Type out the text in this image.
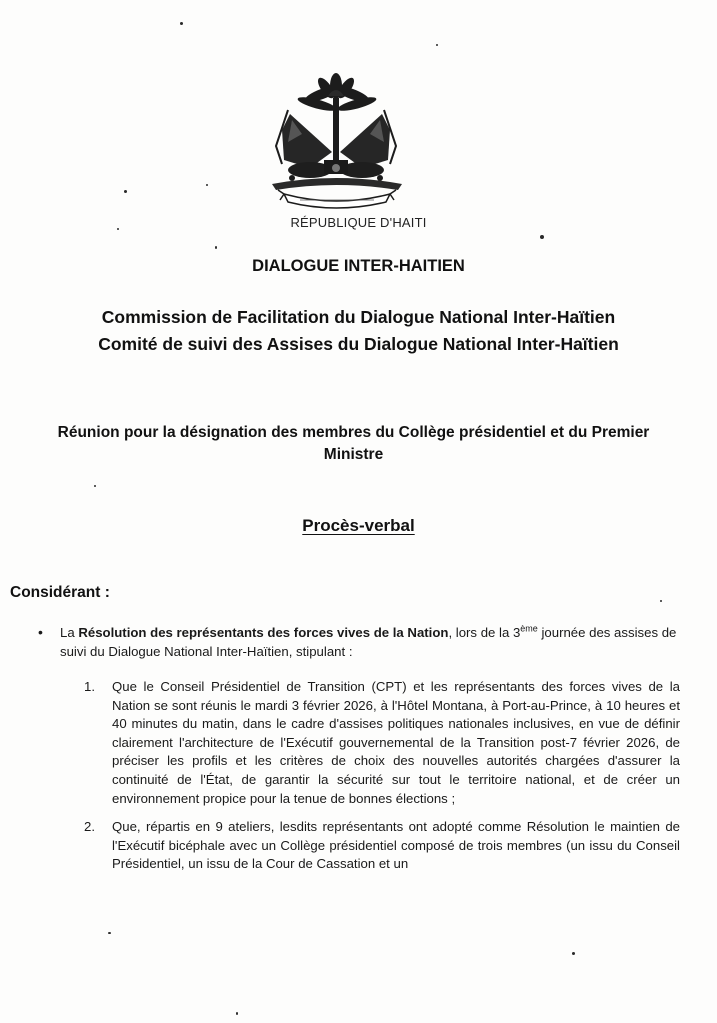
RÉPUBLIQUE D'HAITI
DIALOGUE INTER-HAITIEN
Commission de Facilitation du Dialogue National Inter-Haïtien
Comité de suivi des Assises du Dialogue National Inter-Haïtien
Réunion pour la désignation des membres du Collège présidentiel et du Premier
Ministre
Procès-verbal
Considérant :
• La Résolution des représentants des forces vives de la Nation, lors de la 3ème journée des assises de suivi du Dialogue National Inter-Haïtien, stipulant :
1. Que le Conseil Présidentiel de Transition (CPT) et les représentants des forces vives de la Nation se sont réunis le mardi 3 février 2026, à l'Hôtel Montana, à Port-au-Prince, à 10 heures et 40 minutes du matin, dans le cadre d'assises politiques nationales inclusives, en vue de définir clairement l'architecture de l'Exécutif gouvernemental de la Transition post-7 février 2026, de préciser les profils et les critères de choix des nouvelles autorités chargées d'assurer la continuité de l'État, de garantir la sécurité sur tout le territoire national, et de créer un environnement propice pour la tenue de bonnes élections ;
2. Que, répartis en 9 ateliers, lesdits représentants ont adopté comme Résolution le maintien de l'Exécutif bicéphale avec un Collège présidentiel composé de trois membres (un issu du Conseil Présidentiel, un issu de la Cour de Cassation et un
